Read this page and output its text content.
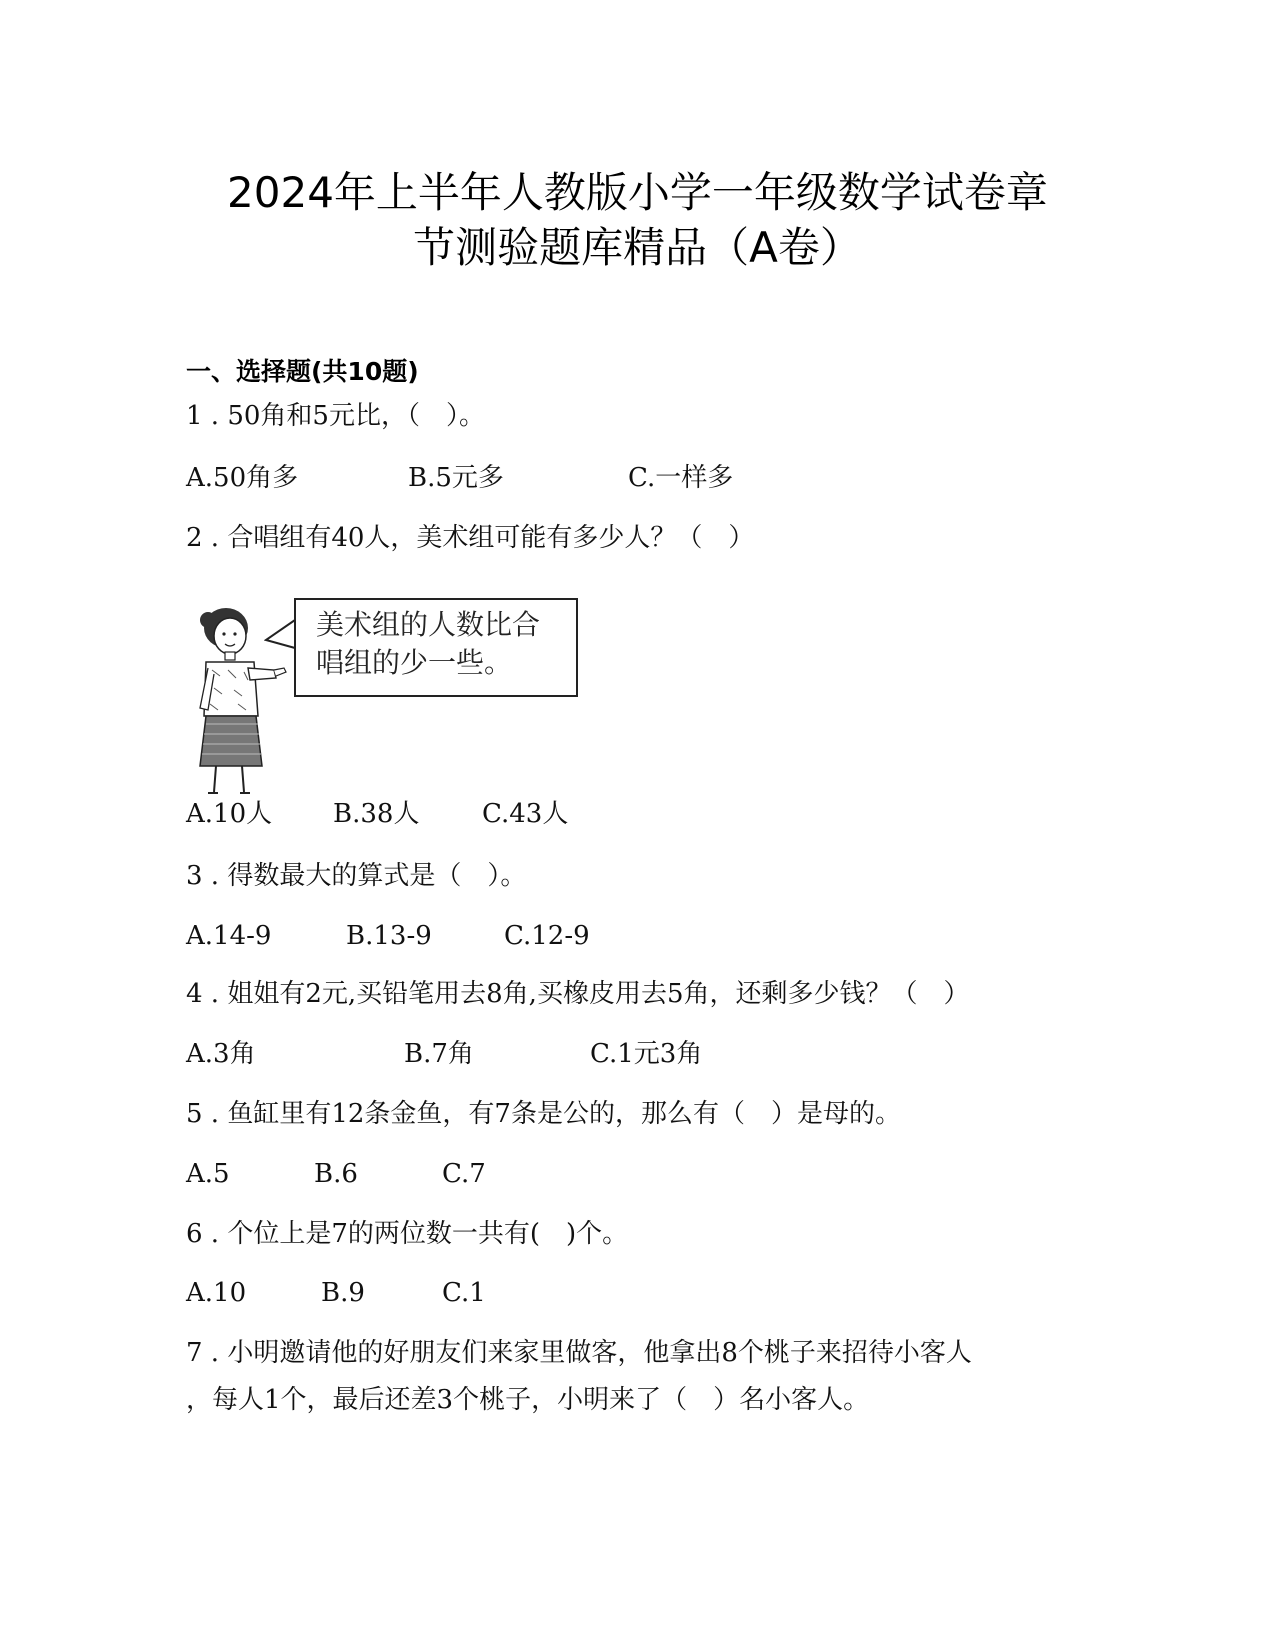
2024年上半年人教版小学一年级数学试卷章
节测验题库精品（A卷）
一、选择题(共10题)
1 . 50角和5元比，（　）。
A.50角多	B.5元多	C.一样多
2 . 合唱组有40人，美术组可能有多少人？（　）
美术组的人数比合
唱组的少一些。
A.10人 B.38人 C.43人
3 . 得数最大的算式是（　）。
A.14-9	B.13-9	C.12-9
4 . 姐姐有2元,买铅笔用去8角,买橡皮用去5角，还剩多少钱？（　）
A.3角	B.7角	C.1元3角
5 . 鱼缸里有12条金鱼，有7条是公的，那么有（　）是母的。
A.5	B.6	C.7
6 . 个位上是7的两位数一共有(　)个。
A.10	B.9	C.1
7 . 小明邀请他的好朋友们来家里做客，他拿出8个桃子来招待小客人
，每人1个，最后还差3个桃子，小明来了（　）名小客人。
